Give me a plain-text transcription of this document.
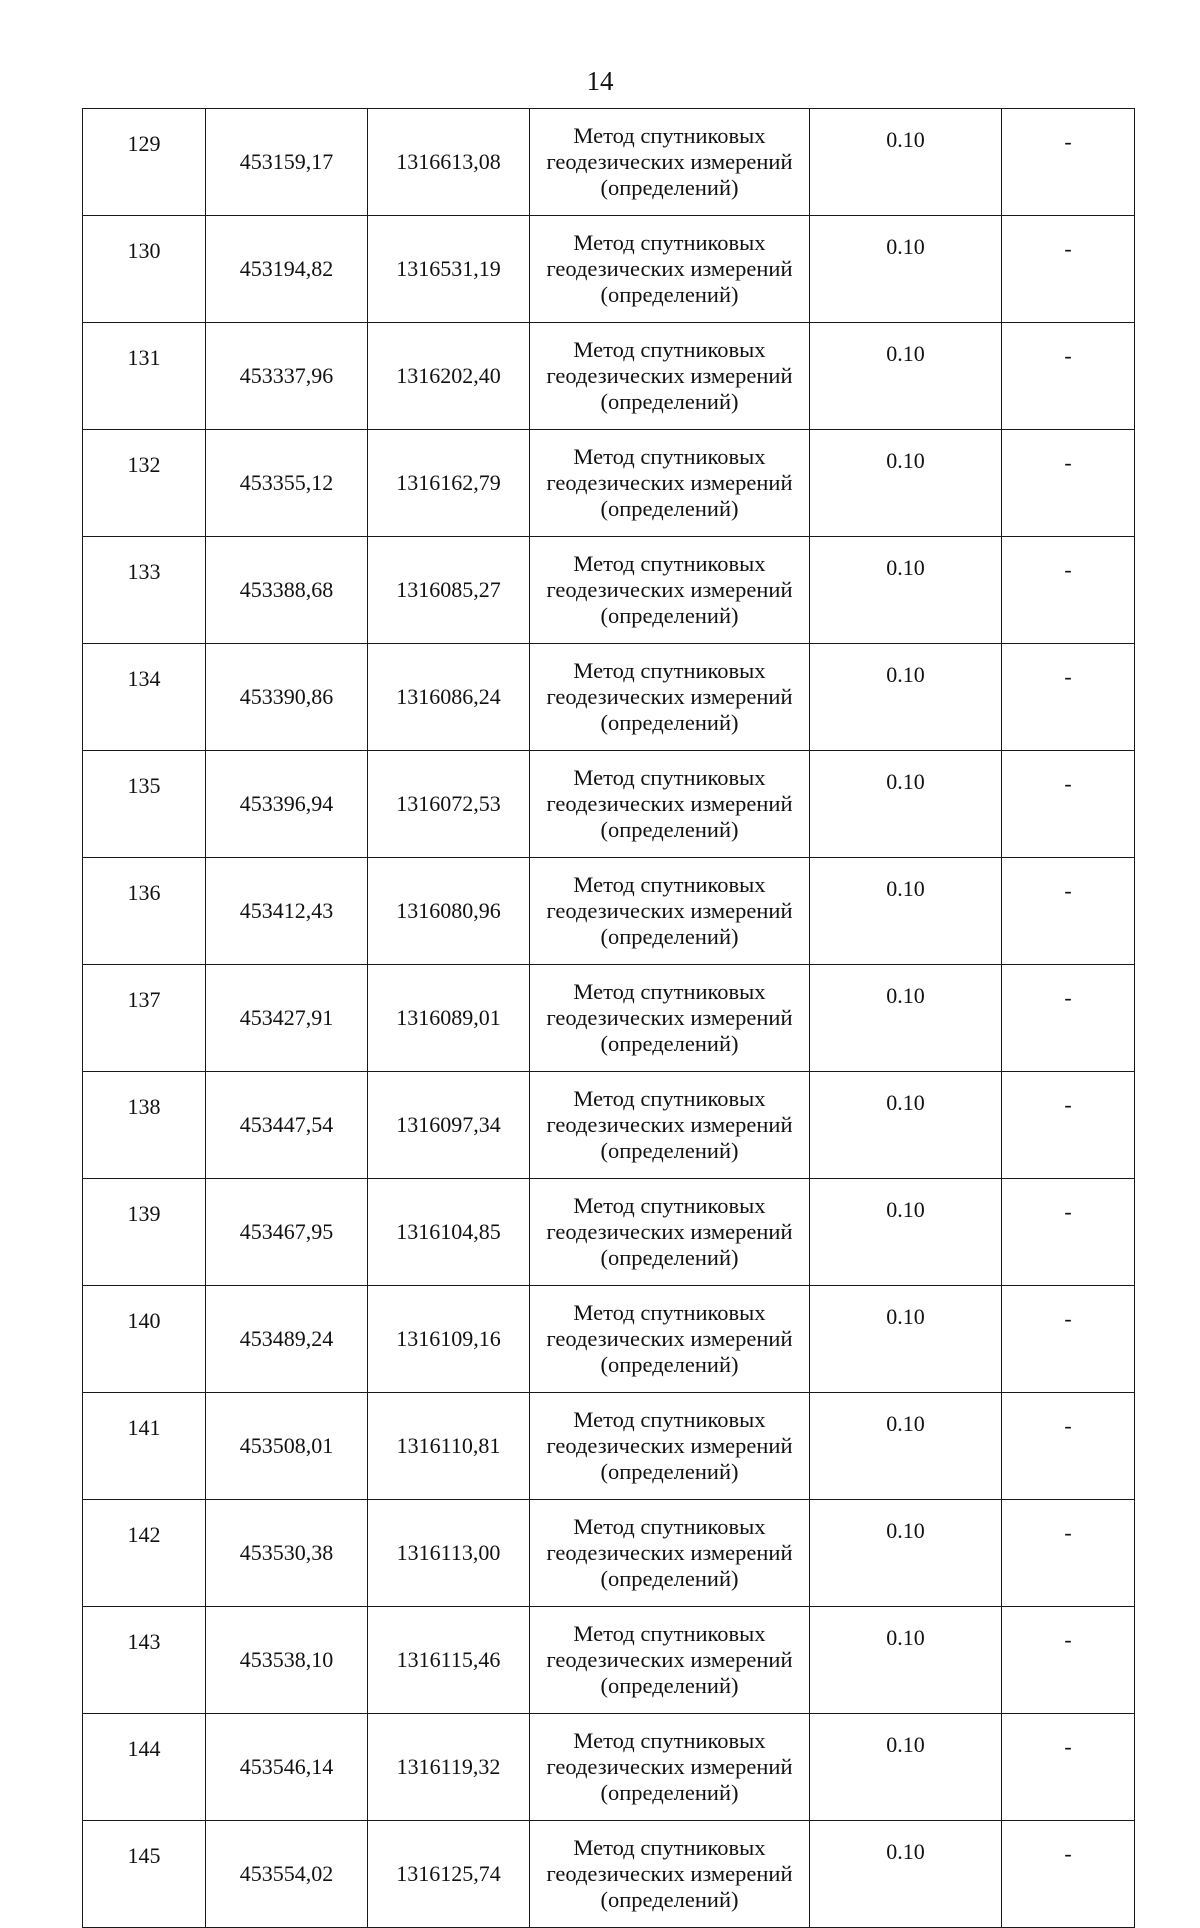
14
129	453159,17	1316613,08	Метод спутниковых геодезических измерений (определений)	0.10	-
130	453194,82	1316531,19	Метод спутниковых геодезических измерений (определений)	0.10	-
131	453337,96	1316202,40	Метод спутниковых геодезических измерений (определений)	0.10	-
132	453355,12	1316162,79	Метод спутниковых геодезических измерений (определений)	0.10	-
133	453388,68	1316085,27	Метод спутниковых геодезических измерений (определений)	0.10	-
134	453390,86	1316086,24	Метод спутниковых геодезических измерений (определений)	0.10	-
135	453396,94	1316072,53	Метод спутниковых геодезических измерений (определений)	0.10	-
136	453412,43	1316080,96	Метод спутниковых геодезических измерений (определений)	0.10	-
137	453427,91	1316089,01	Метод спутниковых геодезических измерений (определений)	0.10	-
138	453447,54	1316097,34	Метод спутниковых геодезических измерений (определений)	0.10	-
139	453467,95	1316104,85	Метод спутниковых геодезических измерений (определений)	0.10	-
140	453489,24	1316109,16	Метод спутниковых геодезических измерений (определений)	0.10	-
141	453508,01	1316110,81	Метод спутниковых геодезических измерений (определений)	0.10	-
142	453530,38	1316113,00	Метод спутниковых геодезических измерений (определений)	0.10	-
143	453538,10	1316115,46	Метод спутниковых геодезических измерений (определений)	0.10	-
144	453546,14	1316119,32	Метод спутниковых геодезических измерений (определений)	0.10	-
145	453554,02	1316125,74	Метод спутниковых геодезических измерений (определений)	0.10	-
